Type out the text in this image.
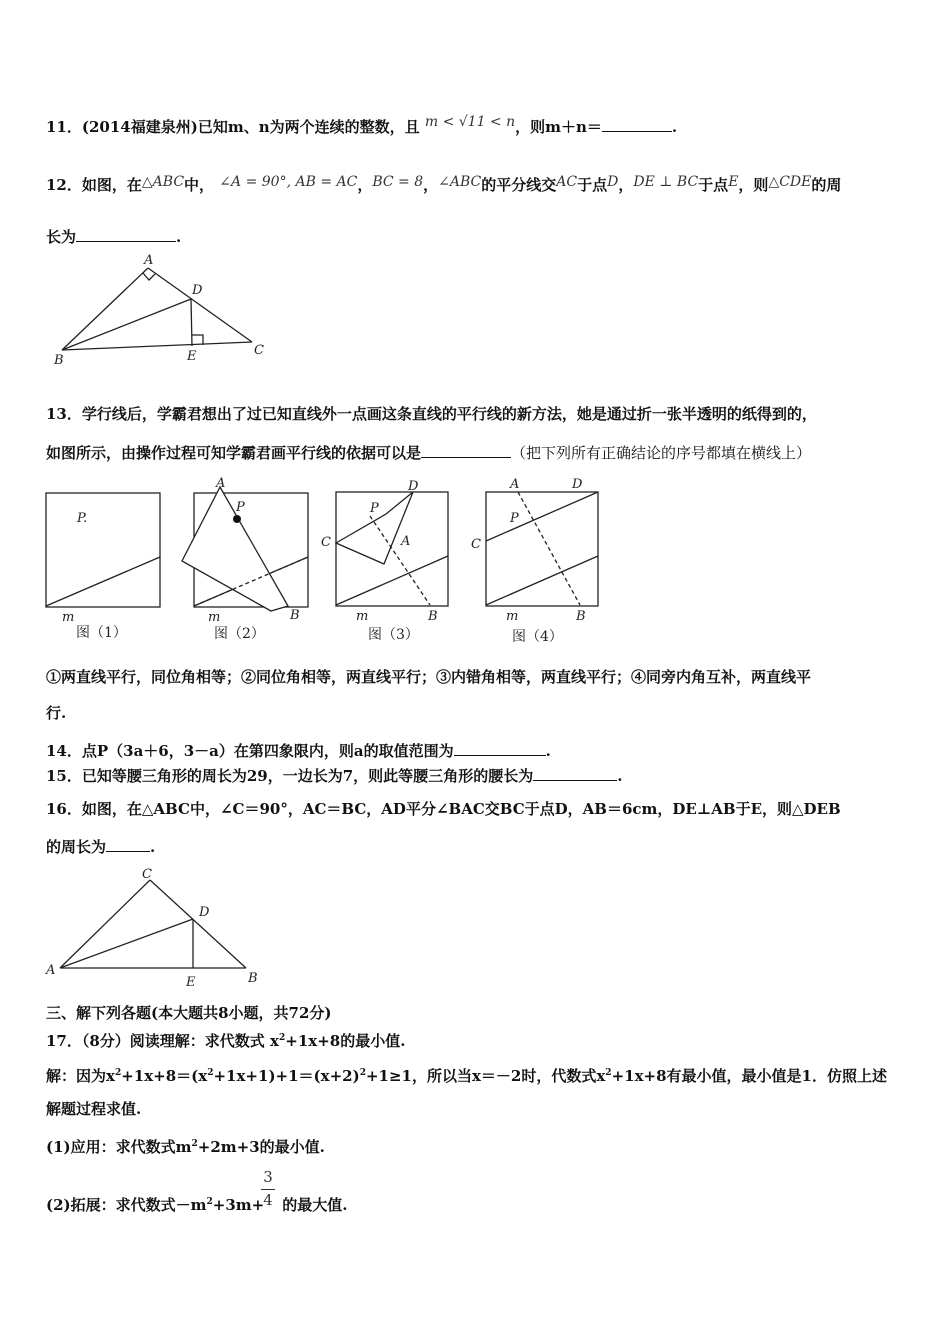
11．(2014福建泉州)已知m、n为两个连续的整数，且 m < √11 < n，则m＋n＝	.
12．如图，在△ABC中， ∠A = 90°, AB = AC，BC = 8，∠ABC的平分线交AC于点D，DE ⊥ BC于点E，则△CDE的周
长为	.
A
D
B	E	C
13．学行线后，学霸君想出了过已知直线外一点画这条直线的平行线的新方法，她是通过折一张半透明的纸得到的，
如图所示，由操作过程可知学霸君画平行线的依据可以是	（把下列所有正确结论的序号都填在横线上）
P.
m
图（1）
A
P
m	B
图（2）
D
P
C	A
m	B
图（3）
A	D
P
C
m	B
图（4）
①两直线平行，同位角相等；②同位角相等，两直线平行；③内错角相等，两直线平行；④同旁内角互补，两直线平
行.
14．点P（3a＋6，3－a）在第四象限内，则a的取值范围为	.
15．已知等腰三角形的周长为29，一边长为7，则此等腰三角形的腰长为	.
16．如图，在△ABC中，∠C＝90°，AC＝BC，AD平分∠BAC交BC于点D，AB＝6cm，DE⊥AB于E，则△DEB
的周长为	.
C
D
A
E	B
三、解下列各题(本大题共8小题，共72分)
17．（8分）阅读理解：求代数式 $x^2+1x+8$的最小值.
解：因为$x^2+1x+8=(x^2+1x+1)+1=(x+2)^2+1\ge 1$，所以当x＝－2时，代数式$x^2+1x+8$有最小值，最小值是1．仿照上述
解题过程求值.
(1)应用：求代数式$m^2+2m+3$的最小值.
(2)拓展：求代数式$-m^2+3m+$ 的最大值.
3
4
